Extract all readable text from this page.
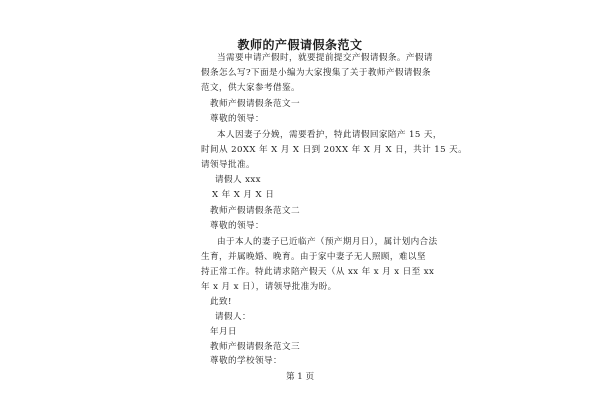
教师的产假请假条范文
当需要申请产假时，就要提前提交产假请假条。产假请
假条怎么写?下面是小编为大家搜集了关于教师产假请假条
范文，供大家参考借鉴。
教师产假请假条范文一
尊敬的领导：
本人因妻子分娩，需要看护，特此请假回家陪产 15 天，
时间从 20XX 年 X 月 X 日到 20XX 年 X 月 X 日，共计 15 天。
请领导批准。
请假人 xxx
X 年 X 月 X 日
教师产假请假条范文二
尊敬的领导：
由于本人的妻子已近临产（预产期月日），属计划内合法
生育，并属晚婚、晚育。由于家中妻子无人照顾，难以坚
持正常工作。特此请求陪产假天（从 xx 年 x 月 x 日至 xx
年 x 月 x 日），请领导批准为盼。
此致!
请假人：
年月日
教师产假请假条范文三
尊敬的学校领导：
第 1 页
